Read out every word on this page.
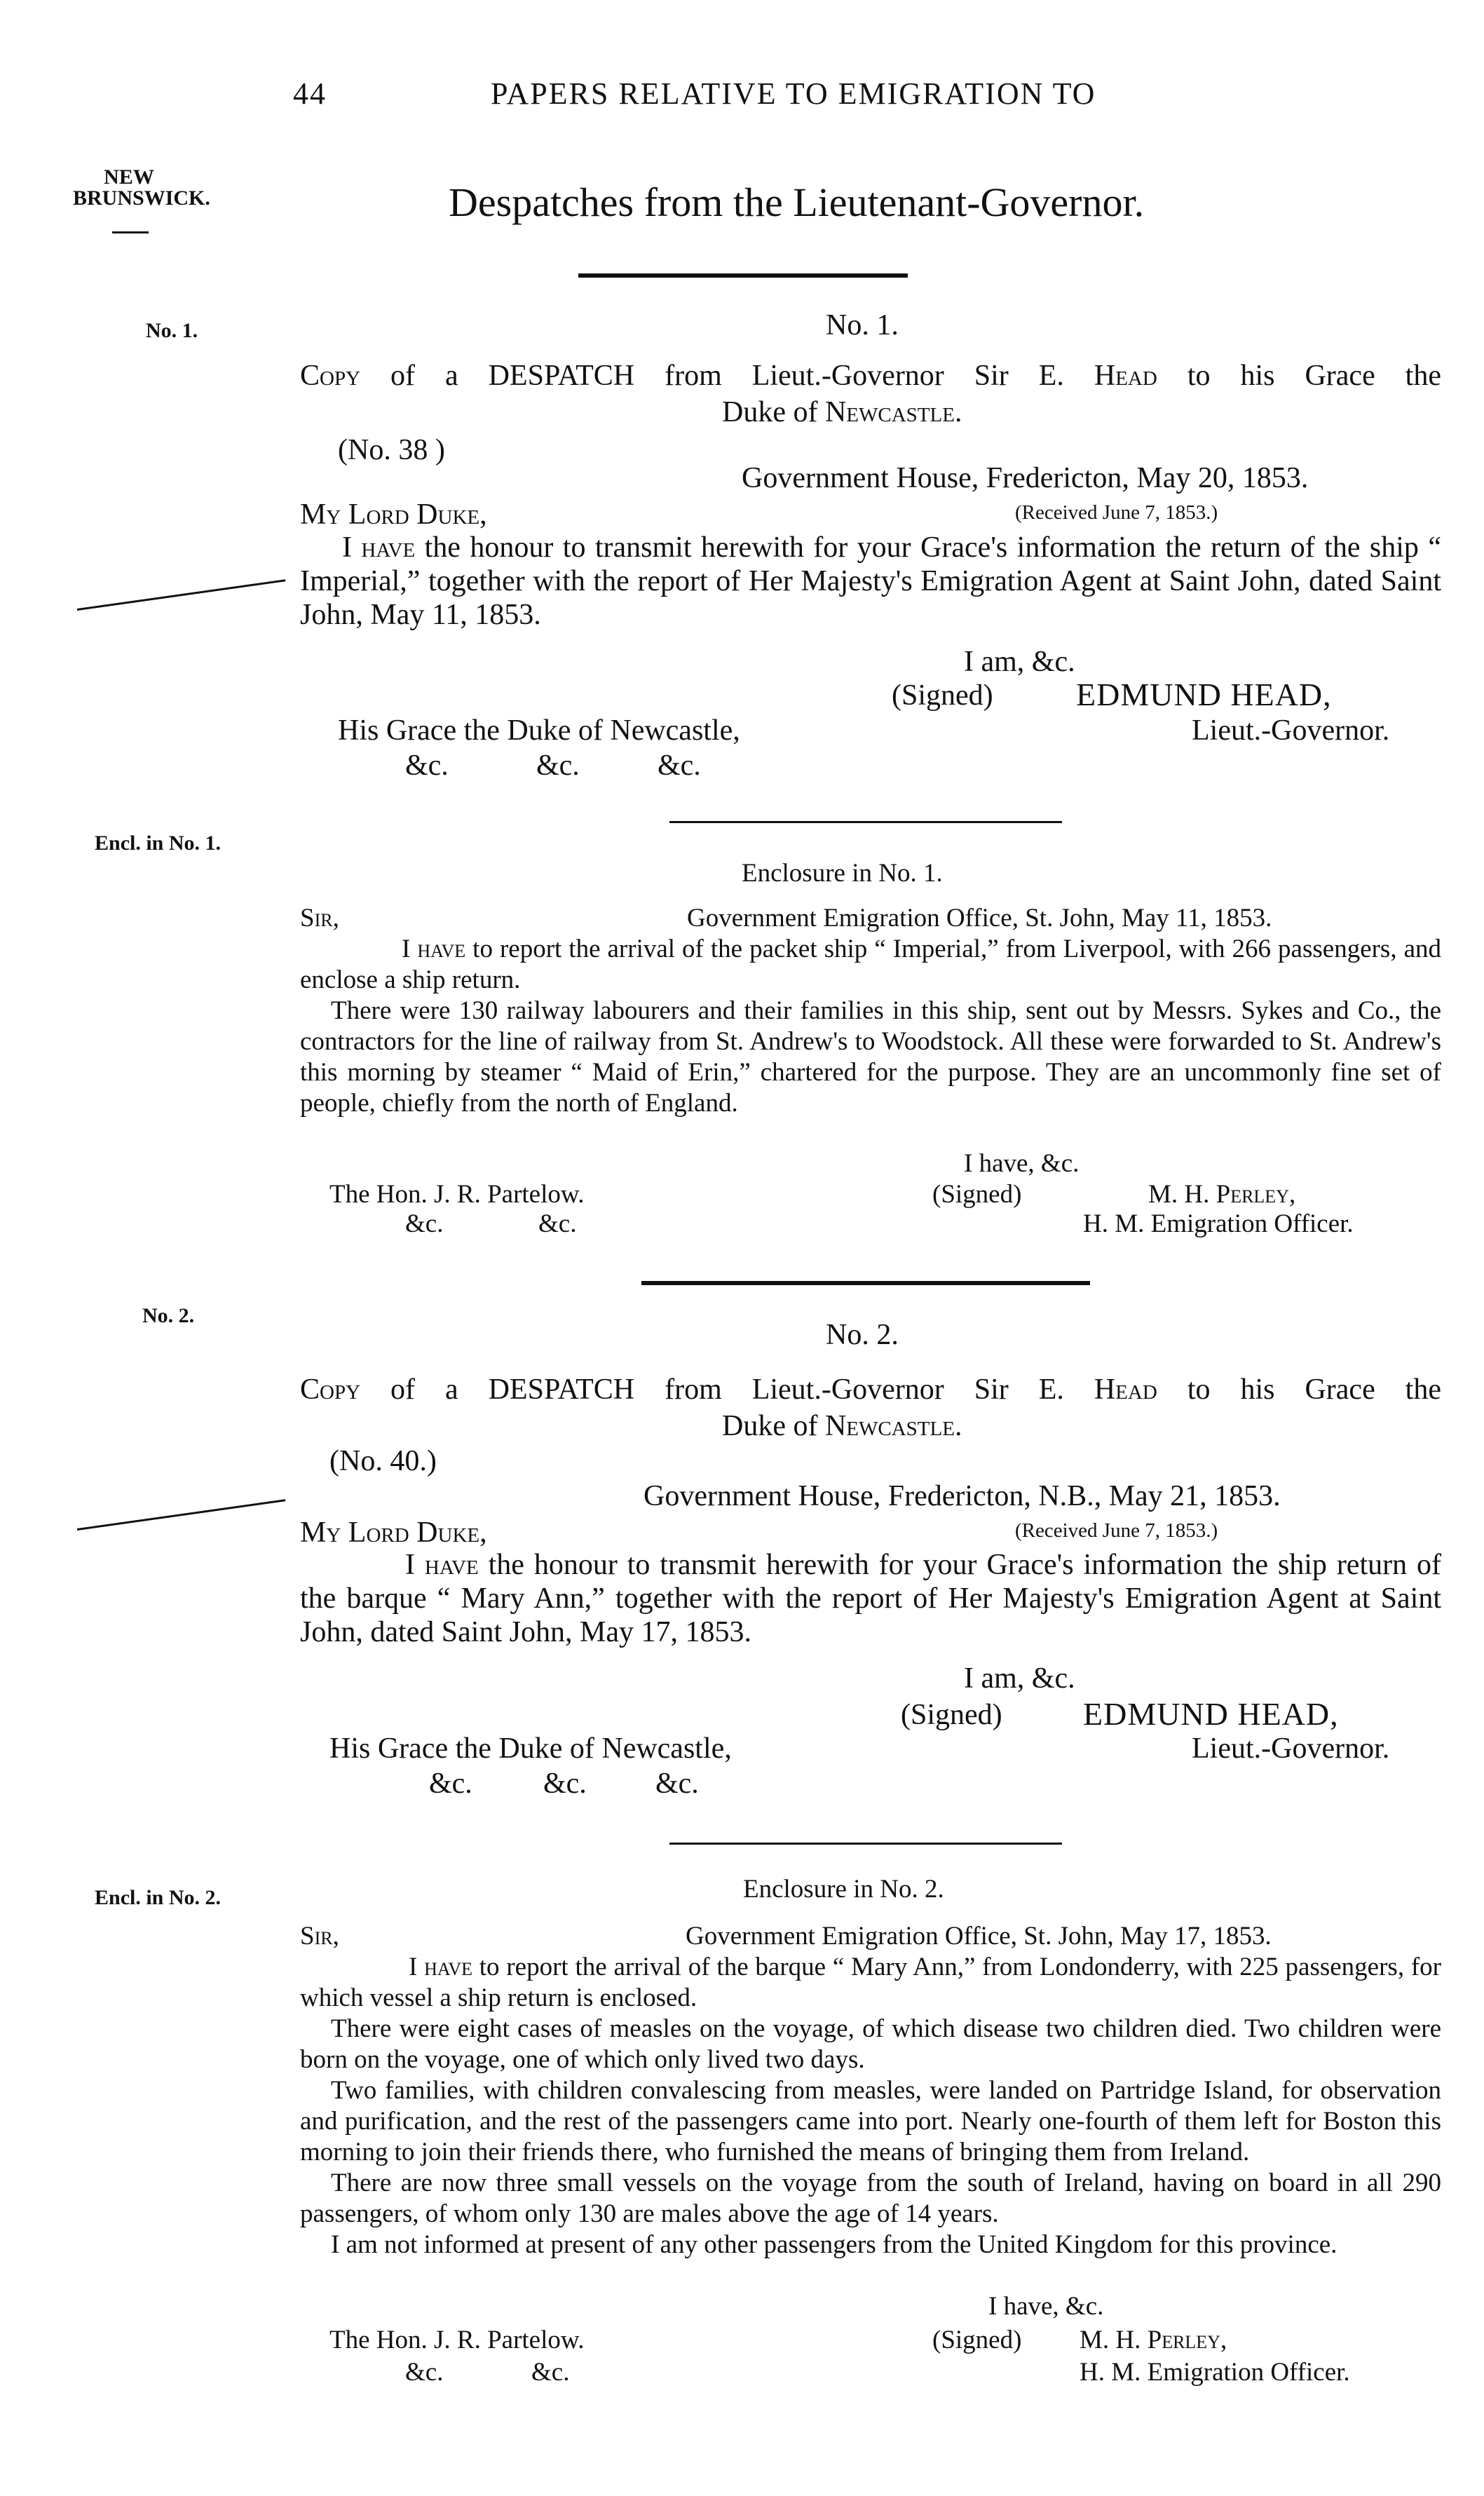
44	PAPERS RELATIVE TO EMIGRATION TO
NEW
BRUNSWICK.
No. 1.
Encl. in No. 1.
No. 2.
Encl. in No. 2.
Despatches from the Lieutenant-Governor.
No. 1.
Copy of a DESPATCH from Lieut.-Governor Sir E. Head to his Grace the
Duke of Newcastle.
(No. 38 )
Government House, Fredericton, May 20, 1853.
My Lord Duke,	(Received June 7, 1853.)
I have the honour to transmit herewith for your Grace's information the return of the ship “ Imperial,” together with the report of Her Majesty's Emigration Agent at Saint John, dated Saint John, May 11, 1853.
I am, &c.
(Signed)	EDMUND HEAD,
His Grace the Duke of Newcastle,	Lieut.-Governor.
&c.	&c.	&c.
Enclosure in No. 1.
Sir,	Government Emigration Office, St. John, May 11, 1853.
I have to report the arrival of the packet ship “ Imperial,” from Liverpool, with 266 passengers, and enclose a ship return.
There were 130 railway labourers and their families in this ship, sent out by Messrs. Sykes and Co., the contractors for the line of railway from St. Andrew's to Woodstock. All these were forwarded to St. Andrew's this morning by steamer “ Maid of Erin,” chartered for the purpose. They are an uncommonly fine set of people, chiefly from the north of England.
I have, &c.
The Hon. J. R. Partelow.	(Signed)	M. H. Perley,
&c.	&c.	H. M. Emigration Officer.
No. 2.
Copy of a DESPATCH from Lieut.-Governor Sir E. Head to his Grace the
Duke of Newcastle.
(No. 40.)
Government House, Fredericton, N.B., May 21, 1853.
My Lord Duke,	(Received June 7, 1853.)
I have the honour to transmit herewith for your Grace's information the ship return of the barque “ Mary Ann,” together with the report of Her Majesty's Emigration Agent at Saint John, dated Saint John, May 17, 1853.
I am, &c.
(Signed)	EDMUND HEAD,
His Grace the Duke of Newcastle,	Lieut.-Governor.
&c. &c. &c.
Enclosure in No. 2.
Sir,	Government Emigration Office, St. John, May 17, 1853.
I have to report the arrival of the barque “ Mary Ann,” from Londonderry, with 225 passengers, for which vessel a ship return is enclosed.
There were eight cases of measles on the voyage, of which disease two children died. Two children were born on the voyage, one of which only lived two days.
Two families, with children convalescing from measles, were landed on Partridge Island, for observation and purification, and the rest of the passengers came into port. Nearly one-fourth of them left for Boston this morning to join their friends there, who furnished the means of bringing them from Ireland.
There are now three small vessels on the voyage from the south of Ireland, having on board in all 290 passengers, of whom only 130 are males above the age of 14 years.
I am not informed at present of any other passengers from the United Kingdom for this province.
I have, &c.
The Hon. J. R. Partelow.	(Signed) M. H. Perley,
&c.	&c.	H. M. Emigration Officer.
